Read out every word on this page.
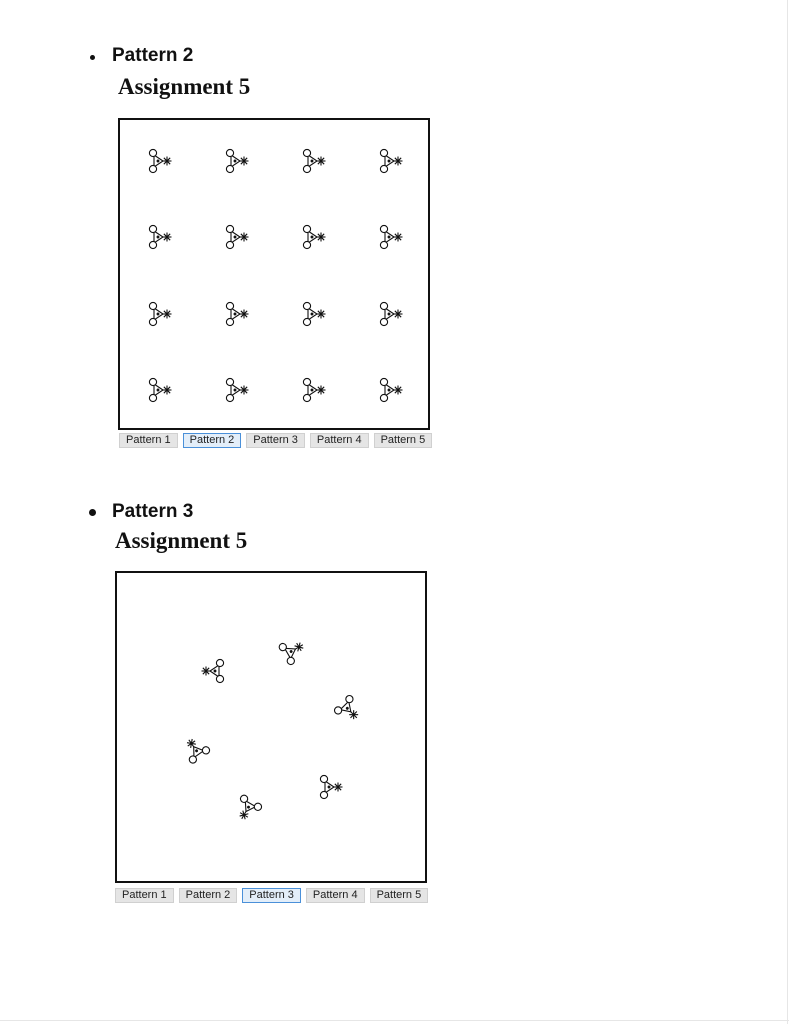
Pattern 2
Assignment 5
Pattern 1	Pattern 2	Pattern 3	Pattern 4	Pattern 5
Pattern 3
Assignment 5
Pattern 1	Pattern 2	Pattern 3	Pattern 4	Pattern 5
